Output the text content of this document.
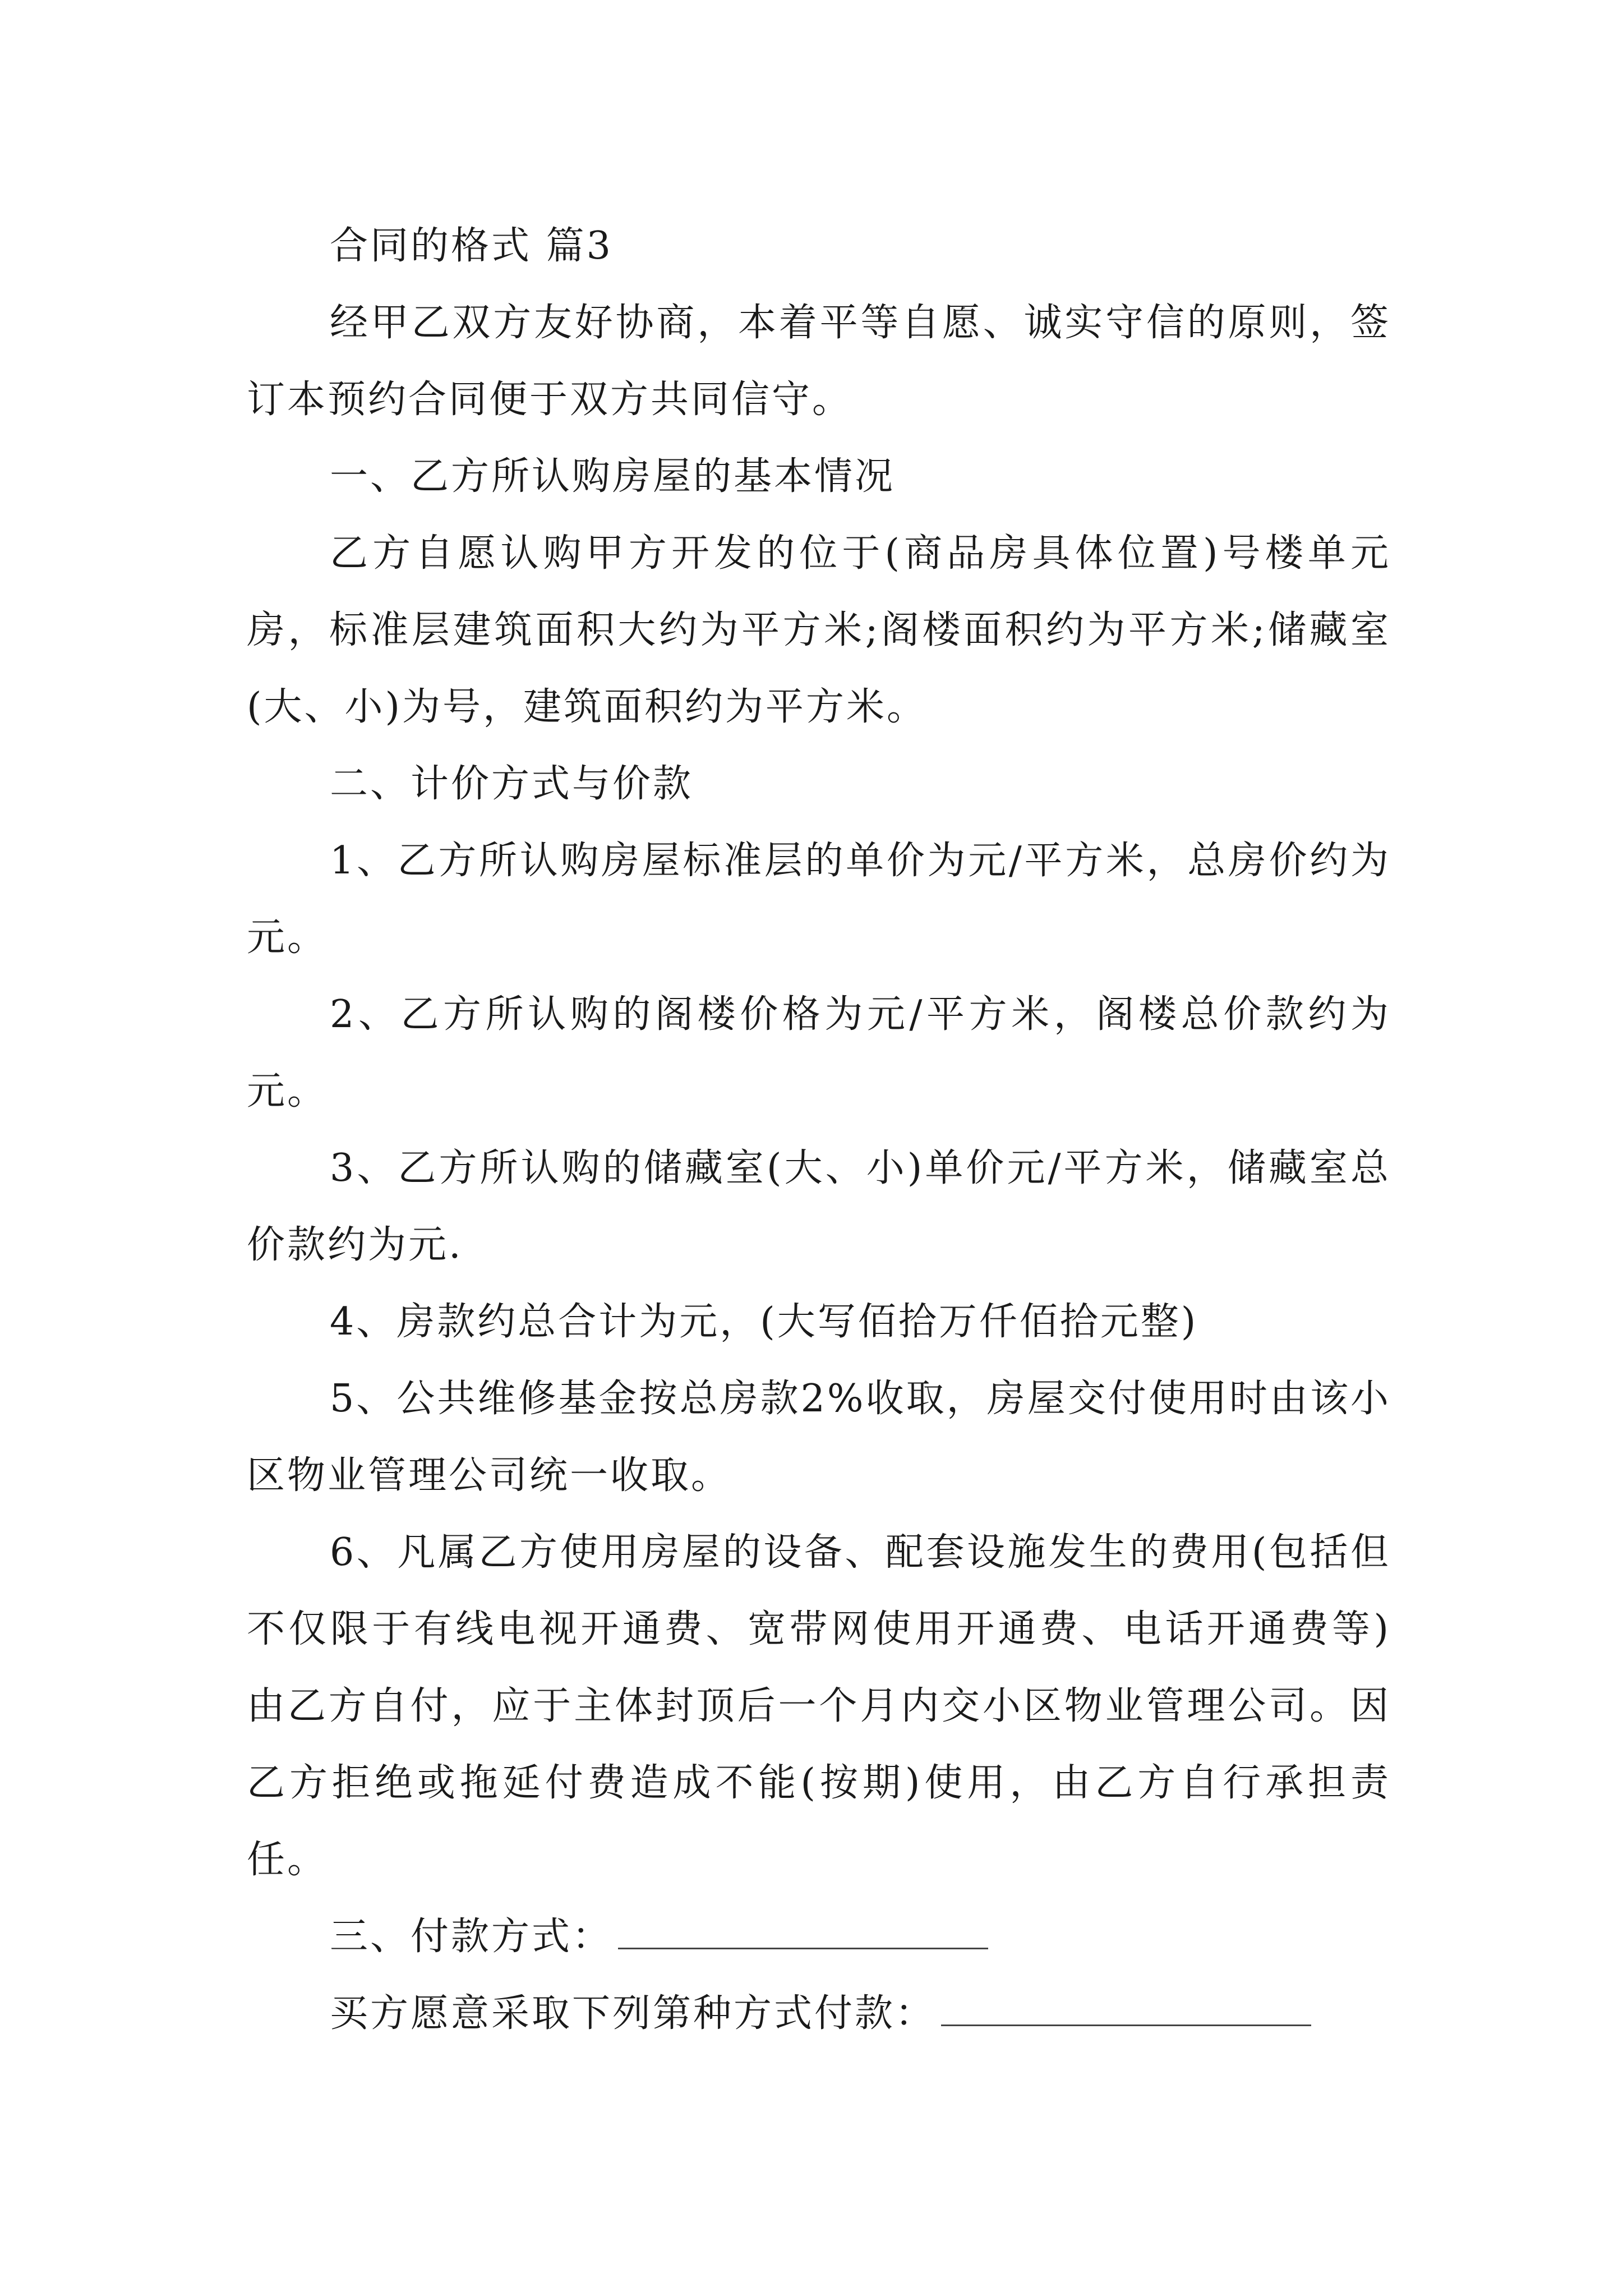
合同的格式 篇3

经甲乙双方友好协商，本着平等自愿、诚实守信的原则，签订本预约合同便于双方共同信守。

一、乙方所认购房屋的基本情况

乙方自愿认购甲方开发的位于(商品房具体位置)号楼单元房，标准层建筑面积大约为平方米;阁楼面积约为平方米;储藏室(大、小)为号，建筑面积约为平方米。

二、计价方式与价款

1、乙方所认购房屋标准层的单价为元/平方米，总房价约为元。

2、乙方所认购的阁楼价格为元/平方米，阁楼总价款约为元。

3、乙方所认购的储藏室(大、小)单价元/平方米，储藏室总价款约为元.

4、房款约总合计为元，(大写佰拾万仟佰拾元整)

5、公共维修基金按总房款2%收取，房屋交付使用时由该小区物业管理公司统一收取。

6、凡属乙方使用房屋的设备、配套设施发生的费用(包括但不仅限于有线电视开通费、宽带网使用开通费、电话开通费等)由乙方自付，应于主体封顶后一个月内交小区物业管理公司。因乙方拒绝或拖延付费造成不能(按期)使用，由乙方自行承担责任。

三、付款方式：

买方愿意采取下列第种方式付款：
